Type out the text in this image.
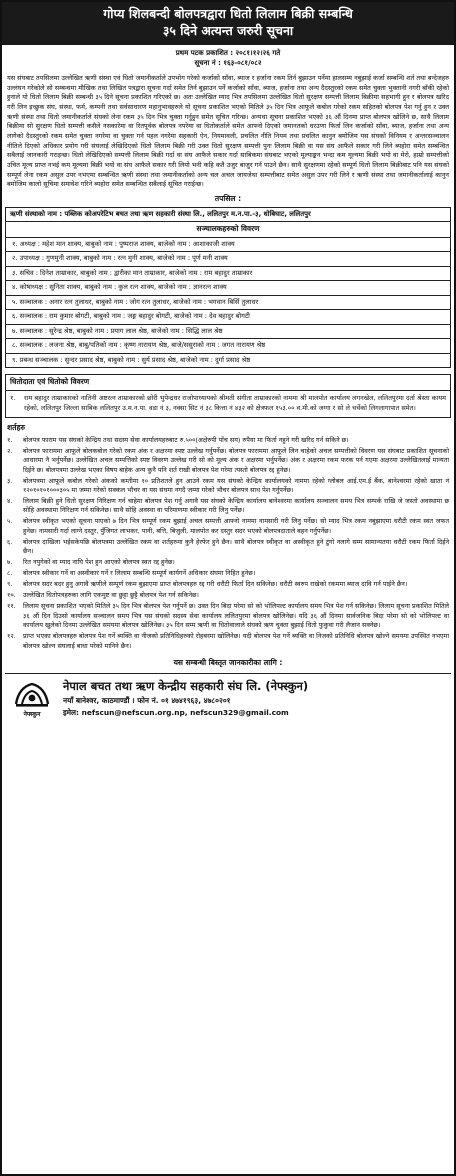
गोप्य शिलबन्दी बोलपत्रद्वारा धितो लिलाम बिक्री सम्बन्धि
३५ दिने अत्यन्त जरुरी सूचना
प्रथम पटक प्रकाशित : २०८१।१२।२६ गते
सूचना नं : १६३-०८१/०८२
यस संघबाट तपसिलमा उल्लेखित ऋणी संस्था एवं धितो जमानीकर्ताले उपभोग गरेको कर्जाको साँवा, ब्याज र हर्जाना रकम तिर्न बुझाउन पर्नेमा हालसम्म नबुझाई कर्जा सम्बन्धि शर्त तथा बन्देजहरु उल्लंघन गरेकोले सो सम्बन्धमा मौखिक तथा लिखित पत्रद्वारा सूचना गर्दा समेत तिर्न बुझाउन पर्ने कर्जाको साँवा, ब्याज, हर्जाना तथा अन्य दैदस्तुरको रकम समेत चुक्ता भुक्तानी नगरी बाँकी रहेको हुनाले यो धितो लिलाम बिक्री सम्बन्धी ३५ दिने सूचना प्रकाशित गरिएको छ। अतः उल्लेखित म्याद भित्र तपसिलमा उल्लेखित धितो सुरक्षण सम्पत्ती लिलाम बिक्रीमा सहभागी हुन र बोलपत्र खरिद गरी लिन इच्छुक संघ, संस्था, फर्म, कम्पनी तथा सर्वसाधारण महानुभावहरुले यो सूचना प्रकाशित भएको मितिले ३५ दिन भित्र आफूले कबोल गरेको रकम सहितको बोलपत्र पेश गर्नु हुन र उक्त ऋणी संस्था तथा धितो जमानीकर्ताले संघको लेना रकम ३५ दिन भित्र चुक्ता गर्नुहुन समेत सूचित गरिन्छ। अन्यथा सूचना प्रकाशित भएको ३६ औं दिनमा प्राप्त बोलपत्र खोलिने छ, साथै लिलाम बिक्रीमा सो सुरक्षण धितो सम्पत्ती कसैले नसकारेमा वा रितपूर्वक बोलपत्र नपरेमा वा धितोकर्ताले समेत आफ्नो दिएको जमानतको धरउणा फिर्ता लिन कर्जाको साँवा, ब्याज, हर्जाना तथा अन्य लागेको दैदस्तुरको रकम समेत चुक्ता नगरेमा वा चुक्ता गर्न पहल नगरेमा सहकारी ऐन, नियमावली, प्रचलित नीति नियम तथा प्रचलित कानुन बमोजिम यस संघको विनियम र अन्तरसञ्चालन नीतिले दिएको अधिकार प्रयोग गरी संघलाई लेखिदिएको धितो लिलाम बिक्री गरी उक्त धितो सुरक्षण सम्पत्ती पुनः लिलाम बिक्री वा यस संघ आफैले सकार गरी लिने ब्यहोरा समेत सम्बन्धित सबैलाई जानकारी गराइन्छ। धितो लेखिदिएको सम्पत्ती लिलाम बिक्री गर्दा वा संघ आफैले सकार गर्दा साबिकमा संघबाट भएको मूल्याङ्कन भन्दा कम मूल्यमा बिक्री भयो वा मेरो, हाम्रो सम्पत्तीको उचित मूल्य प्राप्त नभई कम मूल्यमा बिक्री भयो वा संघ आफैले सकार गरी लियो भनी कहि कतै उजुर बाजुर गर्न पाउने छैन। साथै सुरक्षणमा रहेको सम्पूर्ण धितो लिलाम बिक्रीबाट पनि यस संघको सम्पूर्ण लेना रकम असुल उपर नभएमा सम्बन्धित ऋणी संस्था तथा जमानीकर्ताको अन्य चल अचल जायजेथा सम्पत्तीबाट समेत असुल उपर गरी लिने र ऋणी संस्था तथा जमानीकर्तालाई कानुन बमोजिम कालो सूचिमा समावेश गरिने ब्यहोरा समेत सम्बन्धित सबैलाई सूचित गराईन्छ।
तपसिल :
ऋणी संस्थाको नाम : पब्लिक कोअपरेटिभ बचत तथा ऋण सहकारी संस्था लि., ललितपुर म.न.पा.-३, धोबिघाट, ललितपुर
सञ्चालकहरुको विवरण
१. अध्यक्ष : महेश मान शाक्य, बाबुको नाम : पुष्पराज शाक्य, बाजेको नाम : आशाकाजी शाक्य
२. उपाध्यक्ष : गुणमुनी शाक्य, बाबुको नाम : रत्न मुनी शाक्य, बाजेको नाम : पूर्ण मनी शाक्य
३. सचिव : दिनेश ताम्राकार, बाबुको नाम : द्वारीका मान ताम्राकार, बाजेको नाम : राम बहादुर ताम्राकार
४. कोषाध्यक्ष : सुनिता शाक्य, बाबुको नाम : कुल रत्न शाक्य, बाजेको नाम : ज्ञानरत्न शाक्य
५. सञ्चालक : अनार रत्न तुलाधर, बाबुको नाम : जोग रत्न तुलाधर, बाजेको नाम : भगवान बिर्सि तुलाधर
६. सञ्चालक : राम कुमार बोगटी, बाबुको नाम : जङ्ग बहादुर बोगटी, बाजेको नाम : देव बहादुर बोगटी
७. सञ्चालक : सुरेन्द्र श्रेष्ठ, बाबुको नाम : प्रयाग लाल श्रेष्ठ, बाजेको नाम : सिद्धि लाल श्रेष्ठ
८. सञ्चालक : लजना श्रेष्ठ, बाबु/पतिको नाम : कृष्ण नारायण श्रेष्ठ, बाजे/ससुराको नाम : जगत नारायण श्रेष्ठ
९. प्रबन्ध सञ्चालक : सुन्दर प्रसाद श्रेष्ठ, बाबुको नाम : सुर्य प्रसाद श्रेष्ठ, बाजेको नाम : दुर्गा प्रसाद श्रेष्ठ
धितोदाता एवं धितोको विवरण
१.	राम बहादुर ताम्राकारको नातिनी अष्टरत्न ताम्राकारको छोरी भुपेन्द्रधर राजोपाध्यायको श्रीमती संगीता ताम्राकारको नाममा श्री मालपोत कार्यालय लगनखेल, ललितपुरमा दर्ता श्रेस्ता कायम रहेको, ललितपुर जिल्ला साबिक ललितपुर उ.म.न.पा. वडा नं ३, नक्सा सिट नं ३८ कित्ता नं ४३२ को क्षेत्रफल १५३.०० व.मी.को जग्गा र सो ले चर्चेको लिगलागापात समेत।
शर्तहरु
१.	बोलपत्र फाराम यस संघको केन्द्रिय तथा सदस्य सेवा कार्यालयहरुबाट रु.५००(अक्षेरुपी पाँच सय) रुपैया मा फिर्ता नहुने गरी खरिद गर्न सकिने छ।
२.	बोलपत्र फाराममा आफूले बोलकबोल गरेको रकम अंक र अक्षरमा स्पष्ट उल्लेख गर्नुपर्नेछ। बोलपत्र फाराममा आफूले लिन चाहेको अचल सम्पत्तीको विवरण यस संघबाट प्रकाशित सूचनाको आधारमा नै भर्नुपर्नेछ। उल्लेखित अचल सम्पत्तिको स्पष्ट विवरण उल्लेख गरी सो को मूल्य अंक र अक्षरमा भर्नुपर्नेछ। अंक र अक्षरमा रकम फरक पर्न गएमा अक्षरमा उल्लेखितलाई मान्यता दिईने छ। बोलपत्रमा उल्लेख भएका विषय बाहेक अन्य कुनै पनि शर्त राखी बोलपत्र पेश गरेमा त्यस्तो बोलपत्र रद्द हुनेछ।
३.	बोलपत्रमा आफूले कबोल गरेको अंकको कम्तीमा १० प्रतिशतले हुन आउने रकम यस संघको केन्द्रिय कार्यालयको नाममा रहेको ग्लोबल आई.एम.ई बैंक, बानेश्वरमा रहेको खाता नं १२०१०१०१०००३०५ मा जम्मा गरेको सक्कल भौचर वा यस संघमा नगदै जम्मा गरेको भौचर बोलपत्र साथ पेश गर्नुपर्नेछ।
४.	लिलाम बिक्री हुने धितो सुरक्षण निरिक्षण गर्न चाहेमा बोलपत्र पेश गर्नु अगावै यस संघको केन्द्रिय कार्यालय बानेश्वरमा कार्यालय सञ्चालन समय भित्र सम्पर्क राखि जे जस्तो अवस्थामा छ सोहि अवस्थामा निरिक्षण गर्न सकिनेछ। साथै सोहि अवस्था वा परिमाणमा स्वीकार गरी लिनु पर्नेछ।
५.	बोलपत्र स्वीकृत भएको सूचना पाएको ७ दिन भित्र सम्पूर्ण रकम बुझाई अचल सम्पत्ती आफ्नो नाममा नामसारी गरी लिनु पर्नेछ। सो म्याद भित्र रकम नबुझाएमा धरौटी रकम स्वत जफत हुनेछ। नामसारी गर्दा लाग्ने दस्तुर, पुँजिगत लाभकर, पानी, बत्ति, बिजुली, मालपोत कर दस्तुर सदर भएको बोलपत्रदाताले बहन गर्नुपर्नेछ।
६.	बोलपत्र दाखिला भईसकेपछि बोलपत्रमा उल्लेखित रकम वा शर्तहरुमा कुनै हेरफेर हुने छैन। साथै बोलपत्र स्वीकृत वा अस्वीकृत हुने टुंगो नलागे सम्म सामान्यतया धरौटी रकम फिर्ता दिईने छैन।
७.	रित नपुगेको वा म्याद नाघि पेश हुन आएको बोलपत्र स्वत रद्द हुनेछ।
८.	बोलपत्र स्वीकार गर्ने वा अस्वीकार गर्ने र लिलाम सम्बन्धि सम्पूर्ण कार्यगर्ने अधिकार संघमा निहित हुनेछ।
९.	बोलपत्र सदर बदर हुनु अगावै ऋणीले सम्पूर्ण रकम बुझाएमा प्राप्त बोलपत्रहरु रद्द गरी धरौटी फिर्ता दिन सकिनेछ। धरौटी स्वरुप राखेको रकममा ब्याज दावि गर्न पाईने छैन।
१०.	उल्लेखित धितोपत्रहरुका लागि एकमुष्ट वा छुट्टा छुट्टै बोलपत्र पेश गर्न सकिनेछ।
११.	लिलाम सूचना प्रकाशित भएको मितिले ३५ दिन भित्र बोलपत्र पेश गर्नुपर्ने छ। उक्त दिन बिदा परेमा सो को भोलिपल्ट कार्यालय समय भित्र पेश गर्न सकिनेछ। लिलाम सूचना प्रकाशित मितिले ३६ औं दिन दिउसो कार्यालय सञ्चालन समय भित्र यस संघको सदस्य सेवा कार्यालय ललितपुरमा बोलपत्र खोलिनेछ। यदि ३६ औं दिनमा सार्वजनिक बिदा परेमा सो को भोलिपल्ट वा कार्यालय खुलेको दिनमा उल्लेखित समयमा बोलपत्र खोलिनेछ। ३५ दिन सम्म ऋणी वा धितोवालाले संघको ऋण चुक्ता बुझाई धितो फुकुवा गरी लैजान सक्नेछ।
१२.	प्राप्त भएका बोलपत्रहरु बोलपत्र पेश गर्ने ब्यक्ति वा नीजको प्रतिनिधिहरुको रोहबरमा खोलिनेछ। यदी बोलपत्र पेश गर्ने ब्यक्ति वा निजको प्रतिनिधि बोलपत्र खोल्ने समयमा उपस्थित नभएमा बोलपत्र खोल्न संघलाई बाधा परेको मानिने छैन।
यस सम्बन्धी बिस्तृत जानकारीका लागि :
नेफ्स्कुन
नेपाल बचत तथा ऋण केन्द्रीय सहकारी संघ लि. (नेफ्स्कुन)
नयाँ बानेश्वर, काठमाण्डौं । फोन नं. ०१ ४७४१९६३, ४७८०२०१
इमेल: nefscun@nefscun.org.np, nefscun329@gmail.com
